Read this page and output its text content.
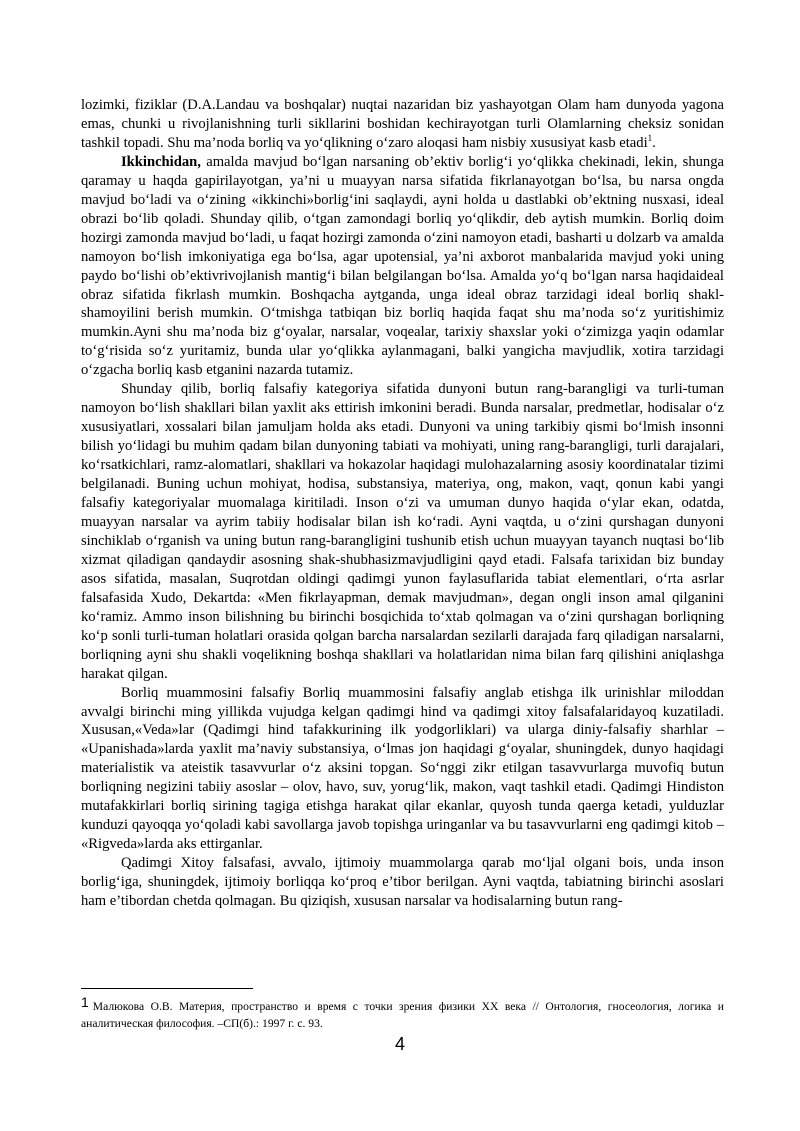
lozimki, fiziklar (D.A.Landau va boshqalar) nuqtai nazaridan biz yashayotgan Olam ham dunyoda yagona emas, chunki u rivojlanishning turli sikllarini boshidan kechirayotgan turli Olamlarning cheksiz sonidan tashkil topadi. Shu ma’noda borliq va yo‘qlikning o‘zaro aloqasi ham nisbiy xususiyat kasb etadi$^1$.

Ikkinchidan, amalda mavjud bo‘lgan narsaning ob’ektiv borlig‘i yo‘qlikka chekinadi, lekin, shunga qaramay u haqda gapirilayotgan, ya’ni u muayyan narsa sifatida fikrlanayotgan bo‘lsa, bu narsa ongda mavjud bo‘ladi va o‘zining «ikkinchi»borlig‘ini saqlaydi, ayni holda u dastlabki ob’ektning nusxasi, ideal obrazi bo‘lib qoladi. Shunday qilib, o‘tgan zamondagi borliq yo‘qlikdir, deb aytish mumkin. Borliq doim hozirgi zamonda mavjud bo‘ladi, u faqat hozirgi zamonda o‘zini namoyon etadi, basharti u dolzarb va amalda namoyon bo‘lish imkoniyatiga ega bo‘lsa, agar upotensial, ya’ni axborot manbalarida mavjud yoki uning paydo bo‘lishi ob’ektivrivojlanish mantig‘i bilan belgilangan bo‘lsa. Amalda yo‘q bo‘lgan narsa haqidaideal obraz sifatida fikrlash mumkin. Boshqacha aytganda, unga ideal obraz tarzidagi ideal borliq shakl-shamoyilini berish mumkin. O‘tmishga tatbiqan biz borliq haqida faqat shu ma’noda so‘z yuritishimiz mumkin.Ayni shu ma’noda biz g‘oyalar, narsalar, voqealar, tarixiy shaxslar yoki o‘zimizga yaqin odamlar to‘g‘risida so‘z yuritamiz, bunda ular yo‘qlikka aylanmagani, balki yangicha mavjudlik, xotira tarzidagi o‘zgacha borliq kasb etganini nazarda tutamiz.

Shunday qilib, borliq falsafiy kategoriya sifatida dunyoni butun rang-barangligi va turli-tuman namoyon bo‘lish shakllari bilan yaxlit aks ettirish imkonini beradi. Bunda narsalar, predmetlar, hodisalar o‘z xususiyatlari, xossalari bilan jamuljam holda aks etadi. Dunyoni va uning tarkibiy qismi bo‘lmish insonni bilish yo‘lidagi bu muhim qadam bilan dunyoning tabiati va mohiyati, uning rang-barangligi, turli darajalari, ko‘rsatkichlari, ramz-alomatlari, shakllari va hokazolar haqidagi mulohazalarning asosiy koordinatalar tizimi belgilanadi. Buning uchun mohiyat, hodisa, substansiya, materiya, ong, makon, vaqt, qonun kabi yangi falsafiy kategoriyalar muomalaga kiritiladi. Inson o‘zi va umuman dunyo haqida o‘ylar ekan, odatda, muayyan narsalar va ayrim tabiiy hodisalar bilan ish ko‘radi. Ayni vaqtda, u o‘zini qurshagan dunyoni sinchiklab o‘rganish va uning butun rang-barangligini tushunib etish uchun muayyan tayanch nuqtasi bo‘lib xizmat qiladigan qandaydir asosning shak-shubhasizmavjudligini qayd etadi. Falsafa tarixidan biz bunday asos sifatida, masalan, Suqrotdan oldingi qadimgi yunon faylasuflarida tabiat elementlari, o‘rta asrlar falsafasida Xudo, Dekartda: «Men fikrlayapman, demak mavjudman», degan ongli inson amal qilganini ko‘ramiz. Ammo inson bilishning bu birinchi bosqichida to‘xtab qolmagan va o‘zini qurshagan borliqning ko‘p sonli turli-tuman holatlari orasida qolgan barcha narsalardan sezilarli darajada farq qiladigan narsalarni, borliqning ayni shu shakli voqelikning boshqa shakllari va holatlaridan nima bilan farq qilishini aniqlashga harakat qilgan.

Borliq muammosini falsafiy Borliq muammosini falsafiy anglab etishga ilk urinishlar miloddan avvalgi birinchi ming yillikda vujudga kelgan qadimgi hind va qadimgi xitoy falsafalaridayoq kuzatiladi. Xususan,«Veda»lar (Qadimgi hind tafakkurining ilk yodgorliklari) va ularga diniy-falsafiy sharhlar – «Upanishada»larda yaxlit ma’naviy substansiya, o‘lmas jon haqidagi g‘oyalar, shuningdek, dunyo haqidagi materialistik va ateistik tasavvurlar o‘z aksini topgan. So‘nggi zikr etilgan tasavvurlarga muvofiq butun borliqning negizini tabiiy asoslar – olov, havo, suv, yorug‘lik, makon, vaqt tashkil etadi. Qadimgi Hindiston mutafakkirlari borliq sirining tagiga etishga harakat qilar ekanlar, quyosh tunda qaerga ketadi, yulduzlar kunduzi qayoqqa yo‘qoladi kabi savollarga javob topishga uringanlar va bu tasavvurlarni eng qadimgi kitob – «Rigveda»larda aks ettirganlar.

Qadimgi Xitoy falsafasi, avvalo, ijtimoiy muammolarga qarab mo‘ljal olgani bois, unda inson borlig‘iga, shuningdek, ijtimoiy borliqqa ko‘proq e’tibor berilgan. Ayni vaqtda, tabiatning birinchi asoslari ham e’tibordan chetda qolmagan. Bu qiziqish, xususan narsalar va hodisalarning butun rang-

1 Малюкова О.В. Материя, пространство и время с точки зрения физики XX века // Онтология, гносеология, логика и аналитическая философия. –СП(б).: 1997 г. с. 93.
4
